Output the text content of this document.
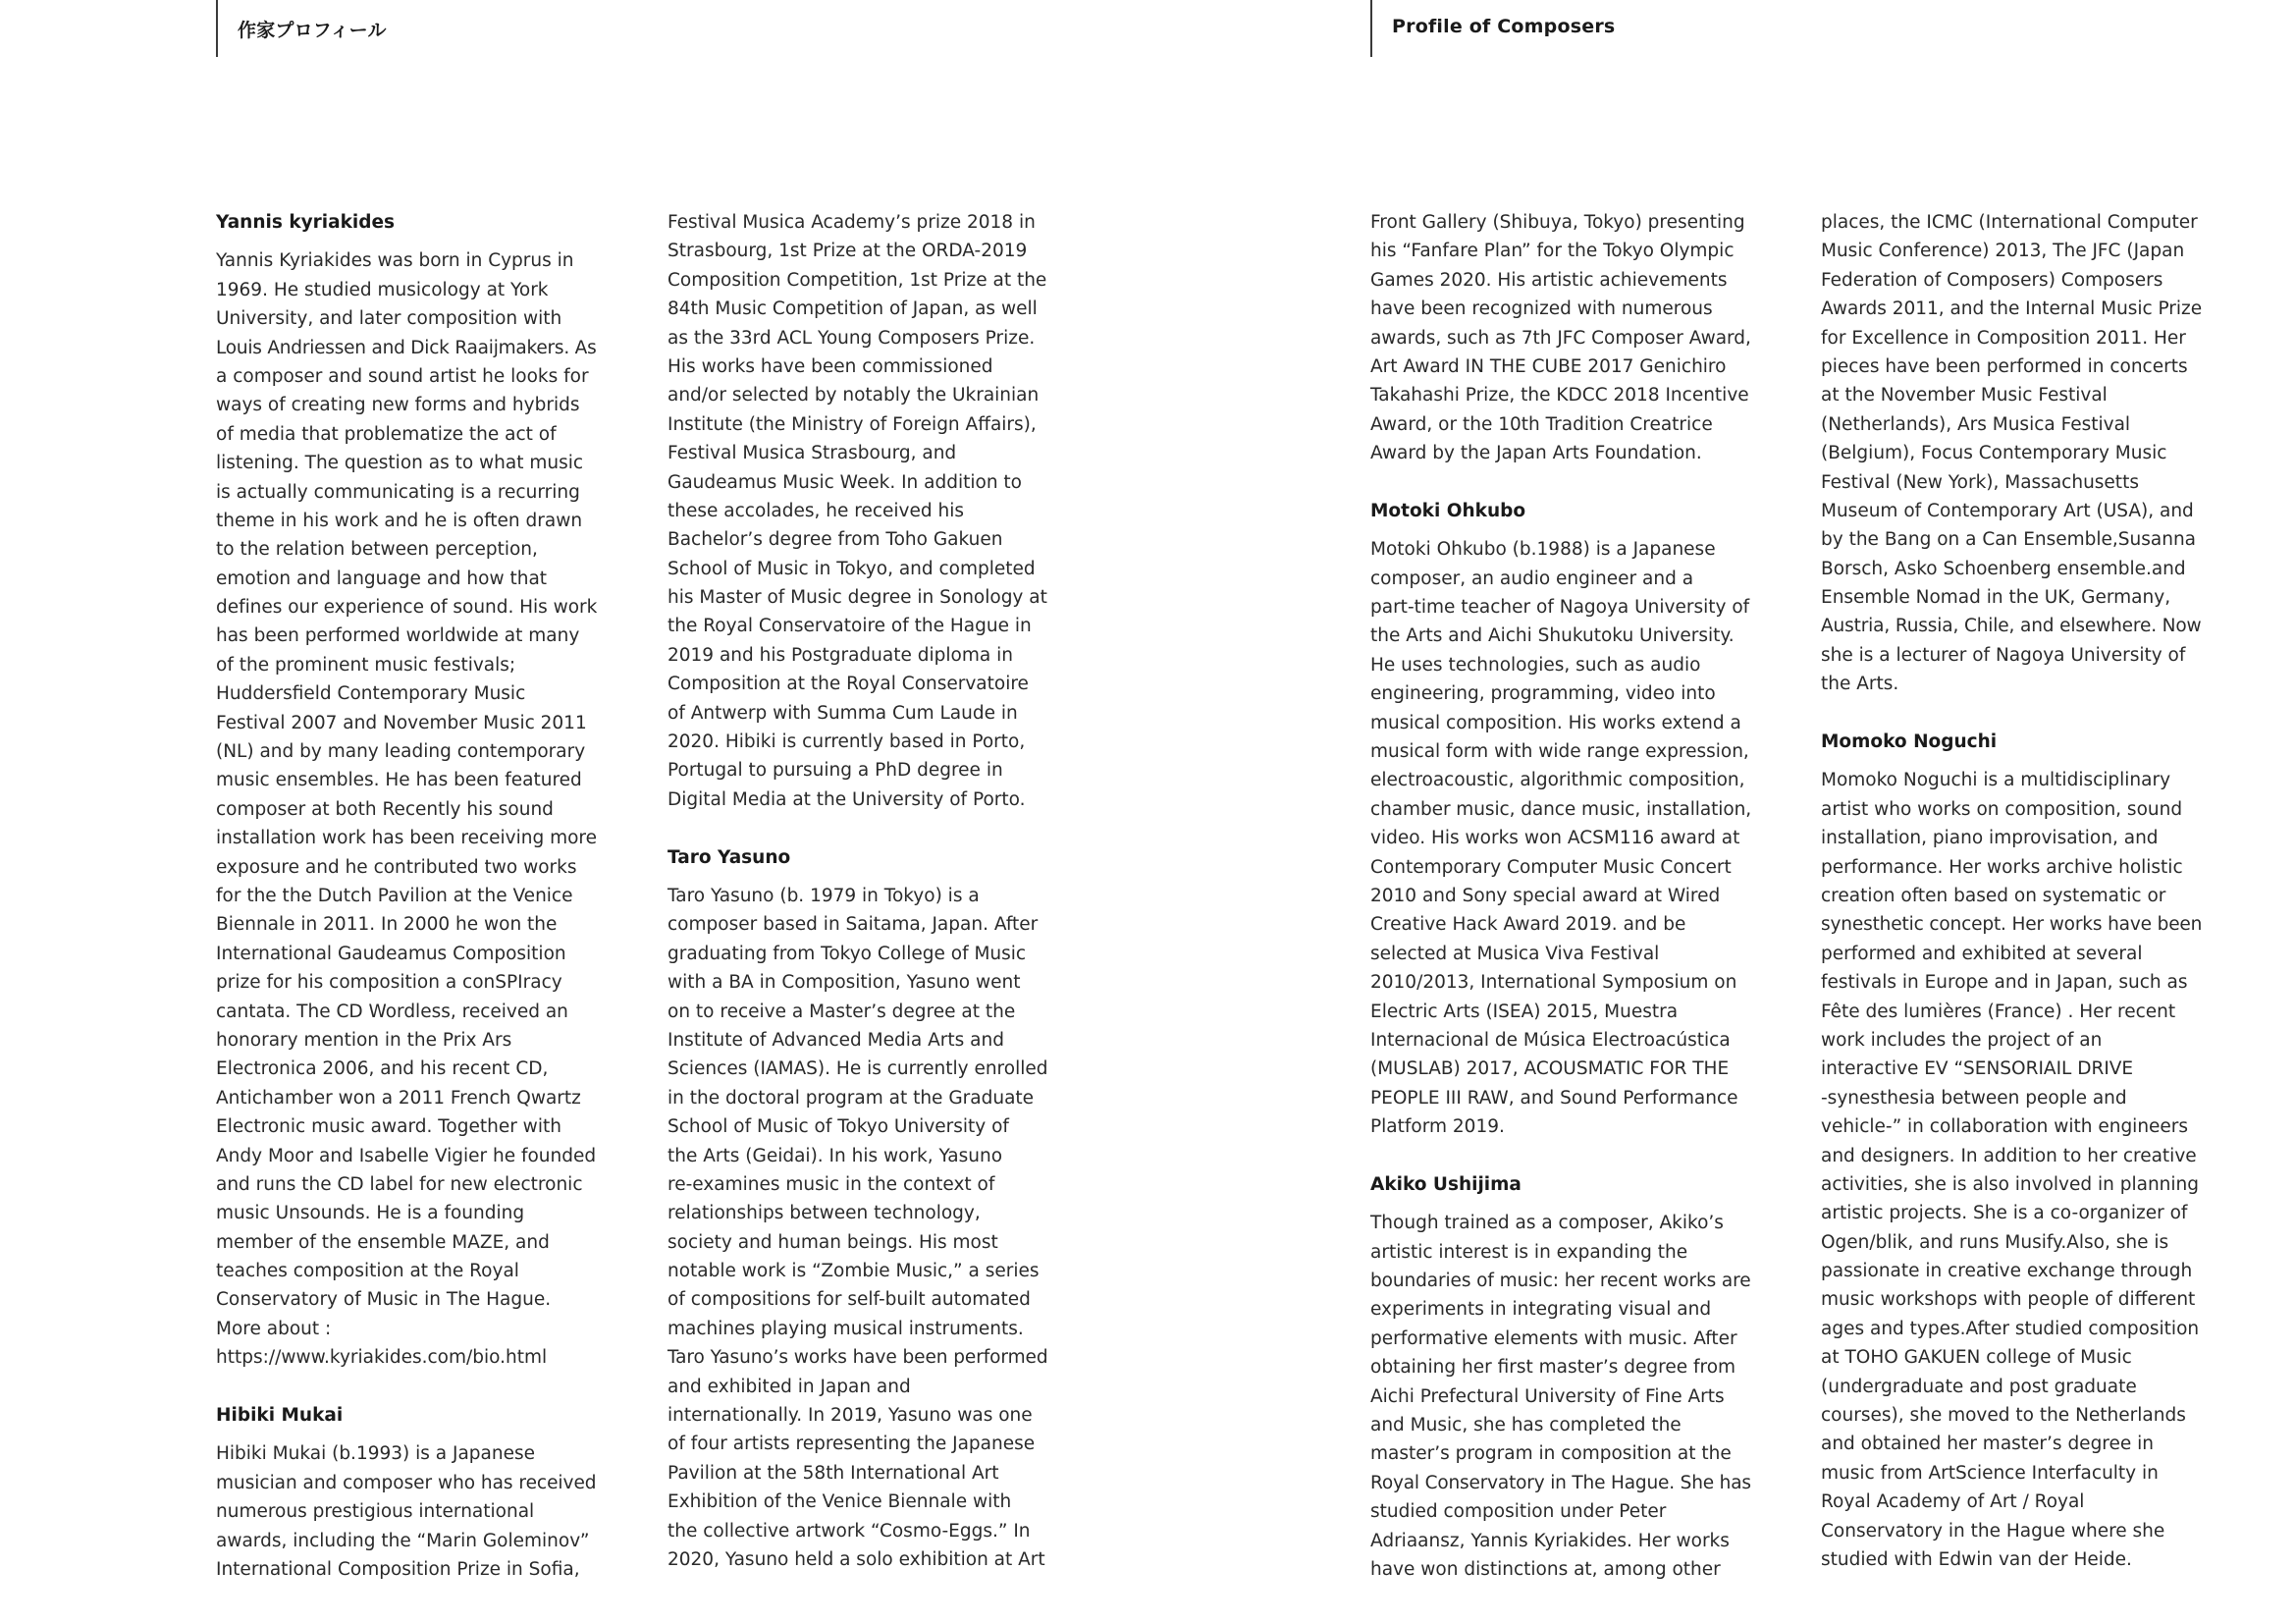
作家プロフィール	Profile of Composers
Yannis kyriakides
Yannis Kyriakides was born in Cyprus in
1969. He studied musicology at York
University, and later composition with
Louis Andriessen and Dick Raaijmakers. As
a composer and sound artist he looks for
ways of creating new forms and hybrids
of media that problematize the act of
listening. The question as to what music
is actually communicating is a recurring
theme in his work and he is often drawn
to the relation between perception,
emotion and language and how that
defines our experience of sound. His work
has been performed worldwide at many
of the prominent music festivals;
Huddersfield Contemporary Music
Festival 2007 and November Music 2011
(NL) and by many leading contemporary
music ensembles. He has been featured
composer at both Recently his sound
installation work has been receiving more
exposure and he contributed two works
for the the Dutch Pavilion at the Venice
Biennale in 2011. In 2000 he won the
International Gaudeamus Composition
prize for his composition a conSPIracy
cantata. The CD Wordless, received an
honorary mention in the Prix Ars
Electronica 2006, and his recent CD,
Antichamber won a 2011 French Qwartz
Electronic music award. Together with
Andy Moor and Isabelle Vigier he founded
and runs the CD label for new electronic
music Unsounds. He is a founding
member of the ensemble MAZE, and
teaches composition at the Royal
Conservatory of Music in The Hague.
More about :
https://www.kyriakides.com/bio.html
Hibiki Mukai
Hibiki Mukai (b.1993) is a Japanese
musician and composer who has received
numerous prestigious international
awards, including the “Marin Goleminov”
International Composition Prize in Sofia,
Festival Musica Academy’s prize 2018 in
Strasbourg, 1st Prize at the ORDA-2019
Composition Competition, 1st Prize at the
84th Music Competition of Japan, as well
as the 33rd ACL Young Composers Prize.
His works have been commissioned
and/or selected by notably the Ukrainian
Institute (the Ministry of Foreign Affairs),
Festival Musica Strasbourg, and
Gaudeamus Music Week. In addition to
these accolades, he received his
Bachelor’s degree from Toho Gakuen
School of Music in Tokyo, and completed
his Master of Music degree in Sonology at
the Royal Conservatoire of the Hague in
2019 and his Postgraduate diploma in
Composition at the Royal Conservatoire
of Antwerp with Summa Cum Laude in
2020. Hibiki is currently based in Porto,
Portugal to pursuing a PhD degree in
Digital Media at the University of Porto.
Taro Yasuno
Taro Yasuno (b. 1979 in Tokyo) is a
composer based in Saitama, Japan. After
graduating from Tokyo College of Music
with a BA in Composition, Yasuno went
on to receive a Master’s degree at the
Institute of Advanced Media Arts and
Sciences (IAMAS). He is currently enrolled
in the doctoral program at the Graduate
School of Music of Tokyo University of
the Arts (Geidai). In his work, Yasuno
re-examines music in the context of
relationships between technology,
society and human beings. His most
notable work is “Zombie Music,” a series
of compositions for self-built automated
machines playing musical instruments.
Taro Yasuno’s works have been performed
and exhibited in Japan and
internationally. In 2019, Yasuno was one
of four artists representing the Japanese
Pavilion at the 58th International Art
Exhibition of the Venice Biennale with
the collective artwork “Cosmo-Eggs.” In
2020, Yasuno held a solo exhibition at Art
Front Gallery (Shibuya, Tokyo) presenting
his “Fanfare Plan” for the Tokyo Olympic
Games 2020. His artistic achievements
have been recognized with numerous
awards, such as 7th JFC Composer Award,
Art Award IN THE CUBE 2017 Genichiro
Takahashi Prize, the KDCC 2018 Incentive
Award, or the 10th Tradition Creatrice
Award by the Japan Arts Foundation.
Motoki Ohkubo
Motoki Ohkubo (b.1988) is a Japanese
composer, an audio engineer and a
part-time teacher of Nagoya University of
the Arts and Aichi Shukutoku University.
He uses technologies, such as audio
engineering, programming, video into
musical composition. His works extend a
musical form with wide range expression,
electroacoustic, algorithmic composition,
chamber music, dance music, installation,
video. His works won ACSM116 award at
Contemporary Computer Music Concert
2010 and Sony special award at Wired
Creative Hack Award 2019. and be
selected at Musica Viva Festival
2010/2013, International Symposium on
Electric Arts (ISEA) 2015, Muestra
Internacional de Música Electroacústica
(MUSLAB) 2017, ACOUSMATIC FOR THE
PEOPLE III RAW, and Sound Performance
Platform 2019.
Akiko Ushijima
Though trained as a composer, Akiko’s
artistic interest is in expanding the
boundaries of music: her recent works are
experiments in integrating visual and
performative elements with music. After
obtaining her first master’s degree from
Aichi Prefectural University of Fine Arts
and Music, she has completed the
master’s program in composition at the
Royal Conservatory in The Hague. She has
studied composition under Peter
Adriaansz, Yannis Kyriakides. Her works
have won distinctions at, among other
places, the ICMC (International Computer
Music Conference) 2013, The JFC (Japan
Federation of Composers) Composers
Awards 2011, and the Internal Music Prize
for Excellence in Composition 2011. Her
pieces have been performed in concerts
at the November Music Festival
(Netherlands), Ars Musica Festival
(Belgium), Focus Contemporary Music
Festival (New York), Massachusetts
Museum of Contemporary Art (USA), and
by the Bang on a Can Ensemble,Susanna
Borsch, Asko Schoenberg ensemble.and
Ensemble Nomad in the UK, Germany,
Austria, Russia, Chile, and elsewhere. Now
she is a lecturer of Nagoya University of
the Arts.
Momoko Noguchi
Momoko Noguchi is a multidisciplinary
artist who works on composition, sound
installation, piano improvisation, and
performance. Her works archive holistic
creation often based on systematic or
synesthetic concept. Her works have been
performed and exhibited at several
festivals in Europe and in Japan, such as
Fête des lumières (France) . Her recent
work includes the project of an
interactive EV “SENSORIAIL DRIVE
-synesthesia between people and
vehicle-” in collaboration with engineers
and designers. In addition to her creative
activities, she is also involved in planning
artistic projects. She is a co-organizer of
Ogen/blik, and runs Musify.Also, she is
passionate in creative exchange through
music workshops with people of different
ages and types.After studied composition
at TOHO GAKUEN college of Music
(undergraduate and post graduate
courses), she moved to the Netherlands
and obtained her master’s degree in
music from ArtScience Interfaculty in
Royal Academy of Art / Royal
Conservatory in the Hague where she
studied with Edwin van der Heide.
